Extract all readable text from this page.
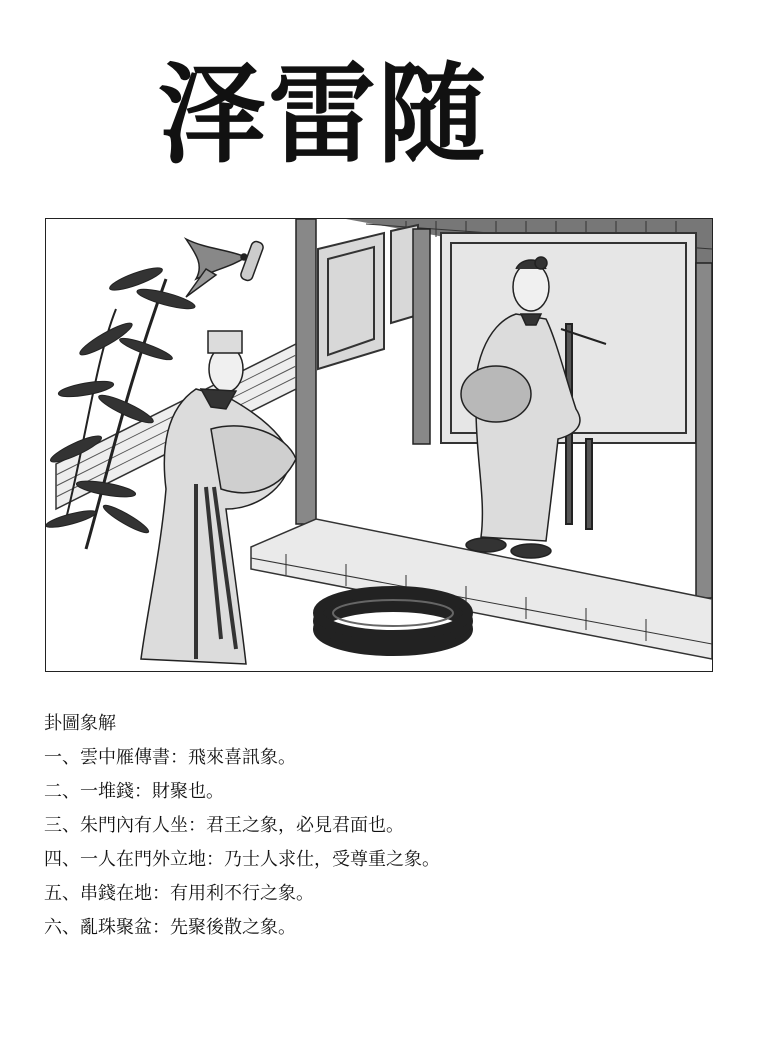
泽雷随
卦圖象解
一、雲中雁傳書：飛來喜訊象。
二、一堆錢：財聚也。
三、朱門內有人坐：君王之象，必見君面也。
四、一人在門外立地：乃士人求仕，受尊重之象。
五、串錢在地：有用利不行之象。
六、亂珠聚盆：先聚後散之象。
